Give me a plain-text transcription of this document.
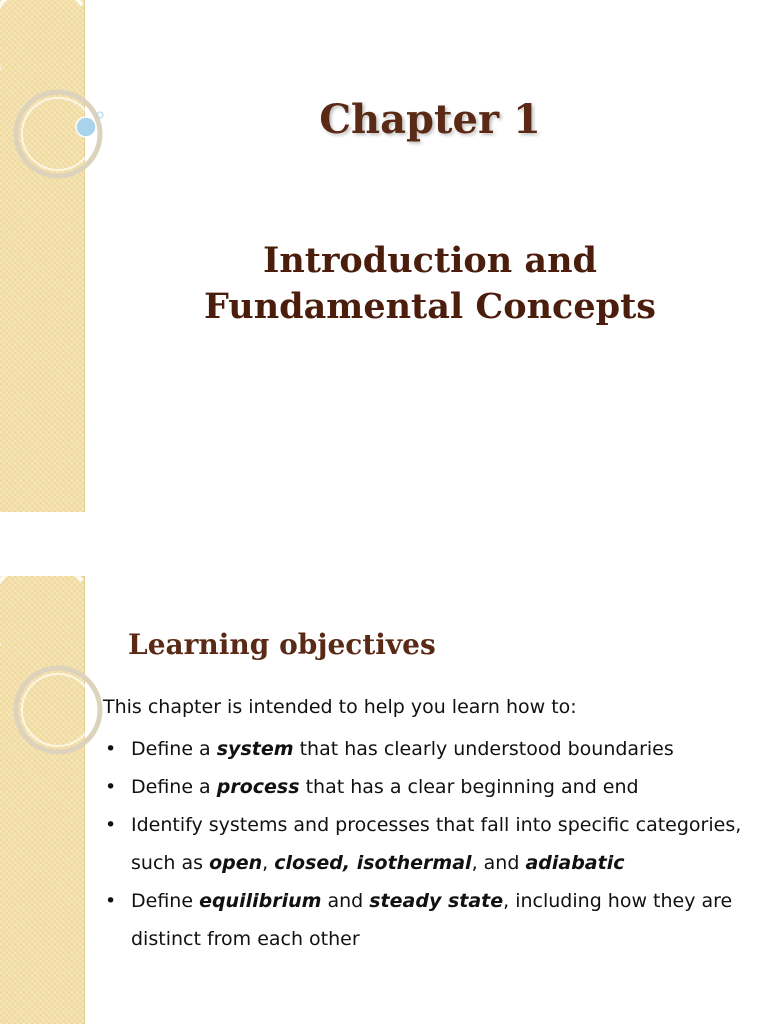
Chapter 1
Introduction and
Fundamental Concepts
Learning objectives
This chapter is intended to help you learn how to:
• Define a system that has clearly understood boundaries
• Define a process that has a clear beginning and end
• Identify systems and processes that fall into specific categories, such as open, closed, isothermal, and adiabatic
• Define equilibrium and steady state, including how they are distinct from each other
